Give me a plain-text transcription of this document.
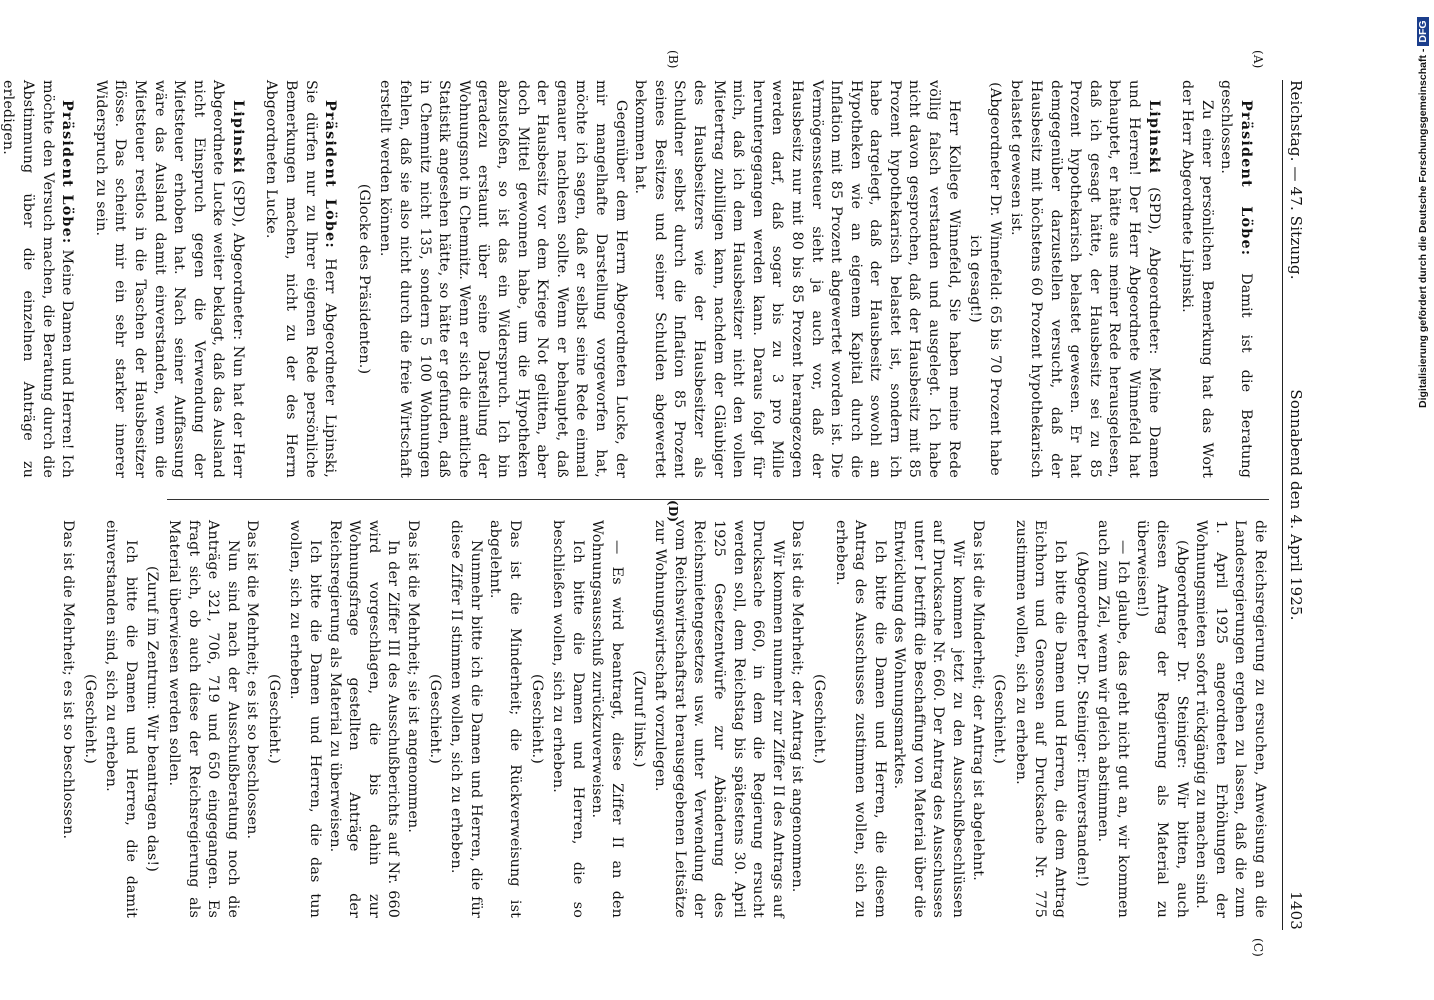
Reichstag. — 47. Sitzung.
Sonnabend den 4. April 1925.
1403
(A)
(B)
(C)
(D)

Präsident Löbe: Damit ist die Beratung geschlossen.

Zu einer persönlichen Bemerkung hat das Wort der Herr Abgeordnete Lipinski.

Lipinski (SPD), Abgeordneter: Meine Damen und Herren! Der Herr Abgeordnete Winnefeld hat behauptet, er hätte aus meiner Rede herausgelesen, daß ich gesagt hätte, der Hausbesitz sei zu 85 Prozent hypothekarisch belastet gewesen. Er hat demgegenüber darzustellen versucht, daß der Hausbesitz mit höchstens 60 Prozent hypothekarisch belastet gewesen ist.

(Abgeordneter Dr. Winnefeld: 65 bis 70 Prozent habe ich gesagt!)

Herr Kollege Winnefeld, Sie haben meine Rede völlig falsch verstanden und ausgelegt. Ich habe nicht davon gesprochen, daß der Hausbesitz mit 85 Prozent hypothekarisch belastet ist, sondern ich habe dargelegt, daß der Hausbesitz sowohl an Hypotheken wie an eigenem Kapital durch die Inflation mit 85 Prozent abgewertet worden ist. Die Vermögenssteuer sieht ja auch vor, daß der Hausbesitz nur mit 80 bis 85 Prozent herangezogen werden darf, daß sogar bis zu 3 pro Mille heruntergegangen werden kann. Daraus folgt für mich, daß ich dem Hausbesitzer nicht den vollen Mietertrag zubilligen kann, nachdem der Gläubiger des Hausbesitzers wie der Hausbesitzer als Schuldner selbst durch die Inflation 85 Prozent seines Besitzes und seiner Schulden abgewertet bekommen hat.

Gegenüber dem Herrn Abgeordneten Lucke, der mir mangelhafte Darstellung vorgeworfen hat, möchte ich sagen, daß er selbst seine Rede einmal genauer nachlesen sollte. Wenn er behauptet, daß der Hausbesitz vor dem Kriege Not gelitten, aber doch Mittel gewonnen habe, um die Hypotheken abzustoßen, so ist das ein Widerspruch. Ich bin geradezu erstaunt über seine Darstellung der Wohnungsnot in Chemnitz. Wenn er sich die amtliche Statistik angesehen hätte, so hätte er gefunden, daß in Chemnitz nicht 135, sondern 5 100 Wohnungen fehlen, daß sie also nicht durch die freie Wirtschaft erstellt werden können.

(Glocke des Präsidenten.)

Präsident Löbe: Herr Abgeordneter Lipinski, Sie dürfen nur zu Ihrer eigenen Rede persönliche Bemerkungen machen, nicht zu der des Herrn Abgeordneten Lucke.

Lipinski (SPD), Abgeordneter: Nun hat der Herr Abgeordnete Lucke weiter beklagt, daß das Ausland nicht Einspruch gegen die Verwendung der Mietsteuer erhoben hat. Nach seiner Auffassung wäre das Ausland damit einverstanden, wenn die Mietsteuer restlos in die Taschen der Hausbesitzer flösse. Das scheint mir ein sehr starker innerer Widerspruch zu sein.

Präsident Löbe: Meine Damen und Herren! Ich möchte den Versuch machen, die Beratung durch die Abstimmung über die einzelnen Anträge zu erledigen.

die Reichsregierung zu ersuchen, Anweisung an die Landesregierungen ergehen zu lassen, daß die zum 1. April 1925 angeordneten Erhöhungen der Wohnungsmieten sofort rückgängig zu machen sind.

(Abgeordneter Dr. Steiniger: Wir bitten, auch diesen Antrag der Regierung als Material zu überweisen!)

— Ich glaube, das geht nicht gut an, wir kommen auch zum Ziel, wenn wir gleich abstimmen.

(Abgeordneter Dr. Steiniger: Einverstanden!)

Ich bitte die Damen und Herren, die dem Antrag Eichhorn und Genossen auf Drucksache Nr. 775 zustimmen wollen, sich zu erheben.

(Geschieht.)

Das ist die Minderheit; der Antrag ist abgelehnt.

Wir kommen jetzt zu den Ausschußbeschlüssen auf Drucksache Nr. 660. Der Antrag des Ausschusses unter I betrifft die Beschaffung von Material über die Entwicklung des Wohnungsmarktes.

Ich bitte die Damen und Herren, die diesem Antrag des Ausschusses zustimmen wollen, sich zu erheben.

(Geschieht.)

Das ist die Mehrheit; der Antrag ist angenommen.

Wir kommen nunmehr zur Ziffer II des Antrags auf Drucksache 660, in dem die Regierung ersucht werden soll, dem Reichstag bis spätestens 30. April 1925 Gesetzentwürfe zur Abänderung des Reichsmietengesetzes usw. unter Verwendung der vom Reichswirtschaftsrat herausgegebenen Leitsätze zur Wohnungswirtschaft vorzulegen.

(Zuruf links.)

— Es wird beantragt, diese Ziffer II an den Wohnungsausschuß zurückzuverweisen.

Ich bitte die Damen und Herren, die so beschließen wollen, sich zu erheben.

(Geschieht.)

Das ist die Minderheit; die Rückverweisung ist abgelehnt.

Nunmehr bitte ich die Damen und Herren, die für diese Ziffer II stimmen wollen, sich zu erheben.

(Geschieht.)

Das ist die Mehrheit; sie ist angenommen.

In der Ziffer III des Ausschußberichts auf Nr. 660 wird vorgeschlagen, die bis dahin zur Wohnungsfrage gestellten Anträge der Reichsregierung als Material zu überweisen.

Ich bitte die Damen und Herren, die das tun wollen, sich zu erheben.

(Geschieht.)

Das ist die Mehrheit; es ist so beschlossen.

Nun sind nach der Ausschußberatung noch die Anträge 321, 706, 719 und 650 eingegangen. Es fragt sich, ob auch diese der Reichsregierung als Material überwiesen werden sollen.

(Zuruf im Zentrum: Wir beantragen das!)

Ich bitte die Damen und Herren, die damit einverstanden sind, sich zu erheben.

(Geschieht.)

Das ist die Mehrheit; es ist so beschlossen.

Digitalisierung gefördert durch die Deutsche Forschungsgemeinschaft -DFG
